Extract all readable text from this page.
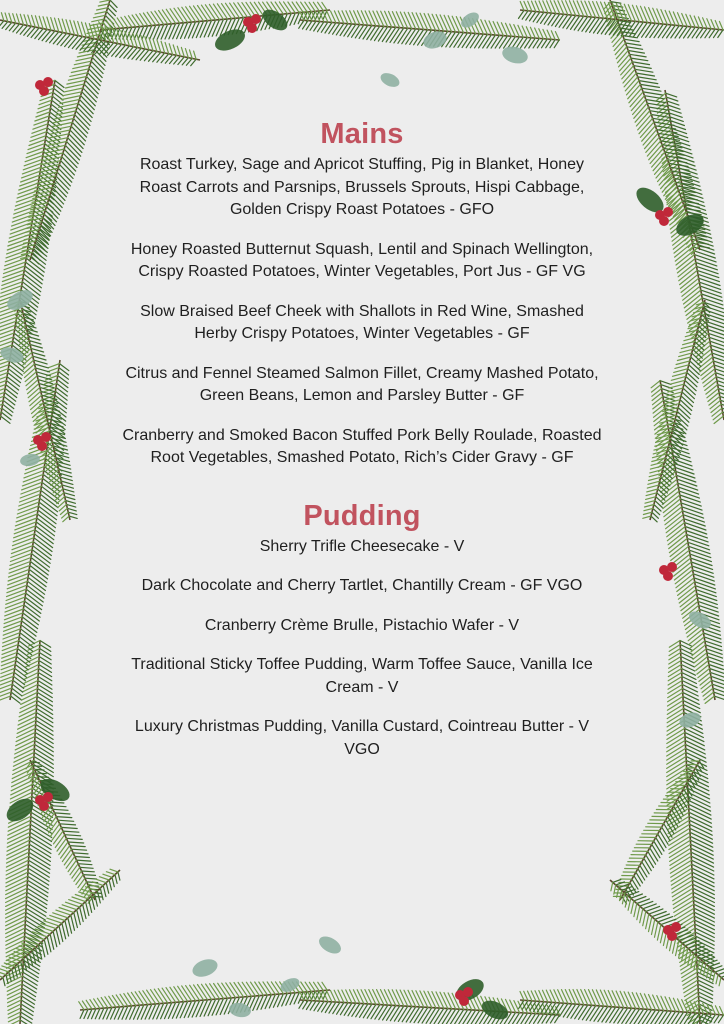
Mains

Roast Turkey, Sage and Apricot Stuffing, Pig in Blanket, Honey Roast Carrots and Parsnips, Brussels Sprouts, Hispi Cabbage, Golden Crispy Roast Potatoes - GFO

Honey Roasted Butternut Squash, Lentil and Spinach Wellington, Crispy Roasted Potatoes, Winter Vegetables, Port Jus - GF VG

Slow Braised Beef Cheek with Shallots in Red Wine, Smashed Herby Crispy Potatoes, Winter Vegetables - GF

Citrus and Fennel Steamed Salmon Fillet, Creamy Mashed Potato, Green Beans, Lemon and Parsley Butter - GF

Cranberry and Smoked Bacon Stuffed Pork Belly Roulade, Roasted Root Vegetables, Smashed Potato, Rich’s Cider Gravy - GF

Pudding

Sherry Trifle Cheesecake - V

Dark Chocolate and Cherry Tartlet, Chantilly Cream - GF VGO

Cranberry Crème Brulle, Pistachio Wafer - V

Traditional Sticky Toffee Pudding, Warm Toffee Sauce, Vanilla Ice Cream - V

Luxury Christmas Pudding, Vanilla Custard, Cointreau Butter - V VGO
